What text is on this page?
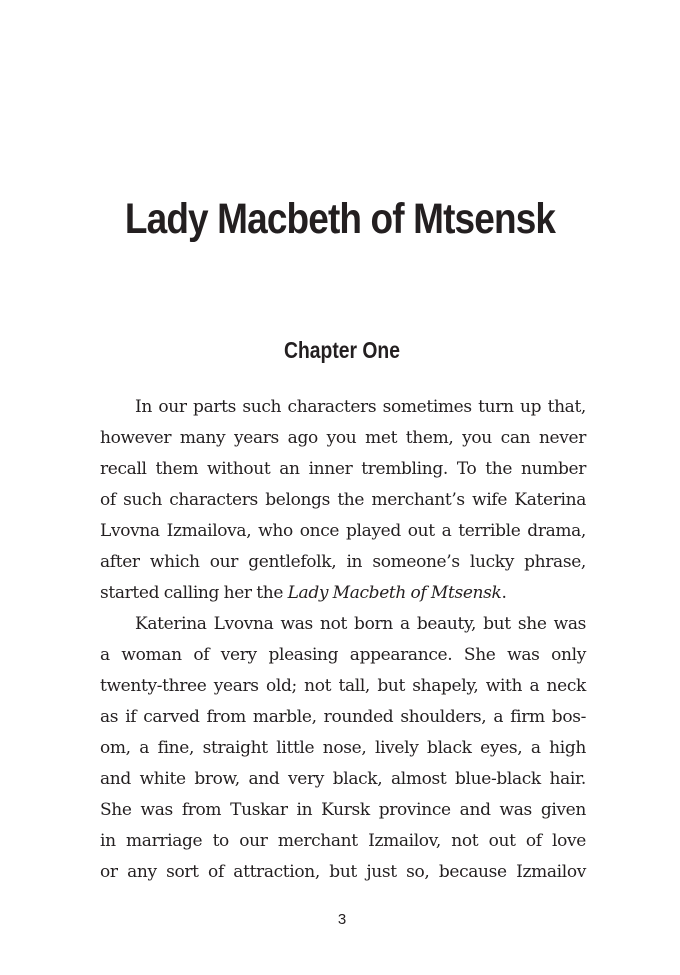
Lady Macbeth of Mtsensk
Chapter One
In our parts such characters sometimes turn up that,
however many years ago you met them, you can never
recall them without an inner trembling. To the number
of such characters belongs the merchant’s wife Katerina
Lvovna Izmailova, who once played out a terrible drama,
after which our gentlefolk, in someone’s lucky phrase,
started calling her the Lady Macbeth of Mtsensk.
Katerina Lvovna was not born a beauty, but she was
a woman of very pleasing appearance. She was only
twenty-three years old; not tall, but shapely, with a neck
as if carved from marble, rounded shoulders, a firm bos-
om, a fine, straight little nose, lively black eyes, a high
and white brow, and very black, almost blue-black hair.
She was from Tuskar in Kursk province and was given
in marriage to our merchant Izmailov, not out of love
or any sort of attraction, but just so, because Izmailov
3
